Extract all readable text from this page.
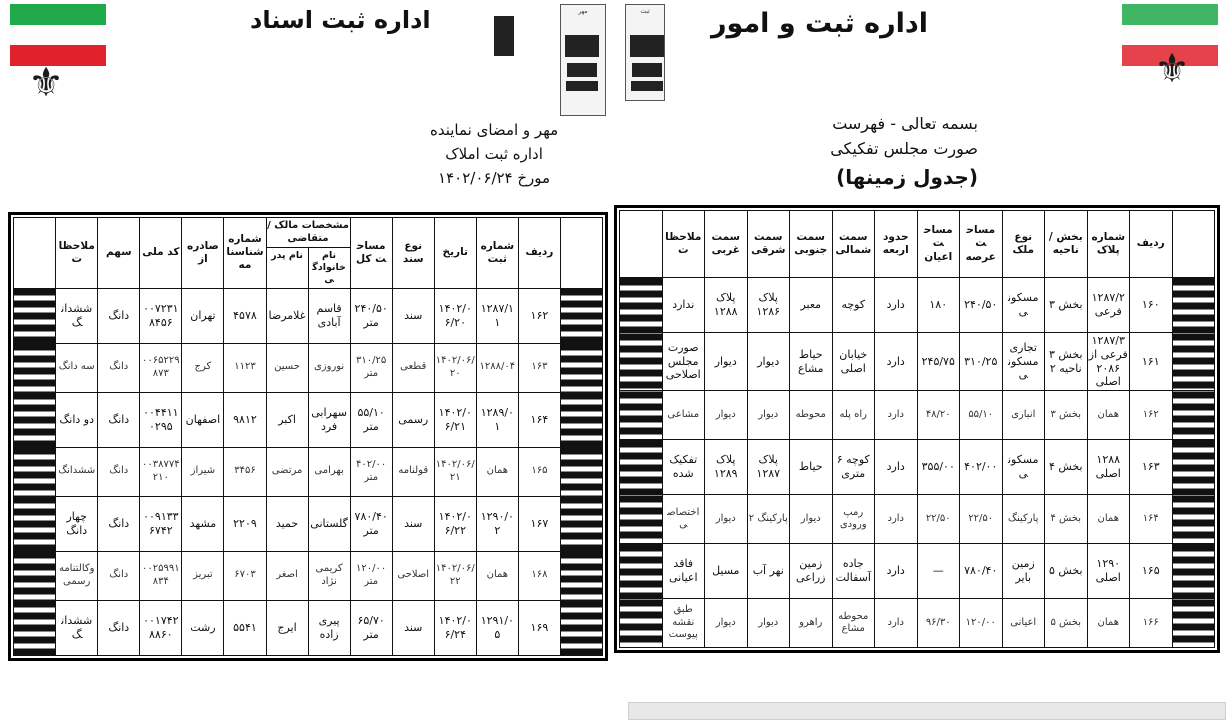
⚜	⚜
مهر	ثبت	اداره ثبت و امور
اداره ثبت اسناد
بسمه تعالی - فهرست
صورت مجلس تفکیکی
(جدول زمینها)
مهر و امضای نماینده
اداره ثبت املاک
مورخ ۱۴۰۲/۰۶/۲۴
	ردیف	شماره پلاک	بخش / ناحیه	نوع ملک	مساحت عرصه	مساحت اعیان	حدود اربعه	سمت شمالی	سمت جنوبی	سمت شرقی	سمت غربی	ملاحظات	
	۱۶۰	۱۲۸۷/۲ فرعی	بخش ۳	مسکونی	۲۴۰/۵۰	۱۸۰	دارد	کوچه	معبر	پلاک ۱۲۸۶	پلاک ۱۲۸۸	ندارد	
	۱۶۱	۱۲۸۷/۳ فرعی از ۲۰۸۶ اصلی	بخش ۳ ناحیه ۲	تجاری مسکونی	۳۱۰/۲۵	۲۴۵/۷۵	دارد	خیابان اصلی	حیاط مشاع	دیوار	دیوار	صورت مجلس اصلاحی	
	۱۶۲	همان	بخش ۳	انباری	۵۵/۱۰	۴۸/۲۰	دارد	راه پله	محوطه	دیوار	دیوار	مشاعی	
	۱۶۳	۱۲۸۸ اصلی	بخش ۴	مسکونی	۴۰۲/۰۰	۳۵۵/۰۰	دارد	کوچه ۶ متری	حیاط	پلاک ۱۲۸۷	پلاک ۱۲۸۹	تفکیک شده	
	۱۶۴	همان	بخش ۴	پارکینگ	۲۲/۵۰	۲۲/۵۰	دارد	رمپ ورودی	دیوار	پارکینگ ۲	دیوار	اختصاصی	
	۱۶۵	۱۲۹۰ اصلی	بخش ۵	زمین بایر	۷۸۰/۴۰	—	دارد	جاده آسفالت	زمین زراعی	نهر آب	مسیل	فاقد اعیانی	
	۱۶۶	همان	بخش ۵	اعیانی	۱۲۰/۰۰	۹۶/۳۰	دارد	محوطه مشاع	راهرو	دیوار	دیوار	طبق نقشه پیوست	
	ردیف	شماره ثبت	تاریخ	نوع سند	مساحت کل	مشخصات مالک / متقاضی
نام خانوادگی
نام پدر		شماره شناسنامه	صادره از	کد ملی	سهم	ملاحظات	
	۱۶۲	۱۲۸۷/۱۱	۱۴۰۲/۰۶/۲۰	سند	۲۴۰/۵۰ متر	قاسم آبادی	غلامرضا	۴۵۷۸	تهران	۰۰۷۲۳۱۸۴۵۶	دانگ	ششدانگ	
	۱۶۳	۱۲۸۸/۰۴	۱۴۰۲/۰۶/۲۰	قطعی	۳۱۰/۲۵ متر	نوروزی	حسین	۱۱۲۳	کرج	۰۰۶۵۲۲۹۸۷۳	دانگ	سه دانگ	
	۱۶۴	۱۲۸۹/۰۱	۱۴۰۲/۰۶/۲۱	رسمی	۵۵/۱۰ متر	سهرابی فرد	اکبر	۹۸۱۲	اصفهان	۰۰۴۴۱۱۰۲۹۵	دانگ	دو دانگ	
	۱۶۵	همان	۱۴۰۲/۰۶/۲۱	قولنامه	۴۰۲/۰۰ متر	بهرامی	مرتضی	۳۴۵۶	شیراز	۰۰۳۸۷۷۴۲۱۰	دانگ	ششدانگ	
	۱۶۷	۱۲۹۰/۰۲	۱۴۰۲/۰۶/۲۲	سند	۷۸۰/۴۰ متر	گلستانی	حمید	۲۲۰۹	مشهد	۰۰۹۱۳۳۶۷۴۲	دانگ	چهار دانگ	
	۱۶۸	همان	۱۴۰۲/۰۶/۲۲	اصلاحی	۱۲۰/۰۰ متر	کریمی نژاد	اصغر	۶۷۰۳	تبریز	۰۰۲۵۹۹۱۸۳۴	دانگ	وکالتنامه رسمی	
	۱۶۹	۱۲۹۱/۰۵	۱۴۰۲/۰۶/۲۴	سند	۶۵/۷۰ متر	پیری زاده	ایرج	۵۵۴۱	رشت	۰۰۱۷۴۲۸۸۶۰	دانگ	ششدانگ	
